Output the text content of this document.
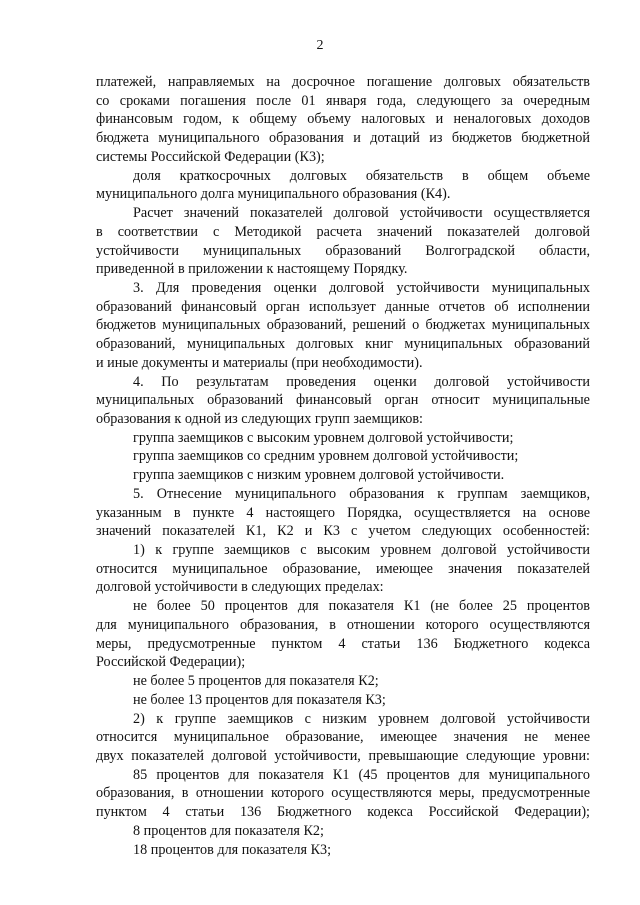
2
платежей, направляемых на досрочное погашение долговых обязательств
со сроками погашения после 01 января года, следующего за очередным
финансовым годом, к общему объему налоговых и неналоговых доходов
бюджета муниципального образования и дотаций из бюджетов бюджетной
системы Российской Федерации (К3);
доля краткосрочных долговых обязательств в общем объеме
муниципального долга муниципального образования (К4).
Расчет значений показателей долговой устойчивости осуществляется
в соответствии с Методикой расчета значений показателей долговой
устойчивости муниципальных образований Волгоградской области,
приведенной в приложении к настоящему Порядку.
3. Для проведения оценки долговой устойчивости муниципальных
образований финансовый орган использует данные отчетов об исполнении
бюджетов муниципальных образований, решений о бюджетах муниципальных
образований, муниципальных долговых книг муниципальных образований
и иные документы и материалы (при необходимости).
4. По результатам проведения оценки долговой устойчивости
муниципальных образований финансовый орган относит муниципальные
образования к одной из следующих групп заемщиков:
группа заемщиков с высоким уровнем долговой устойчивости;
группа заемщиков со средним уровнем долговой устойчивости;
группа заемщиков с низким уровнем долговой устойчивости.
5. Отнесение муниципального образования к группам заемщиков,
указанным в пункте 4 настоящего Порядка, осуществляется на основе
значений показателей К1, К2 и К3 с учетом следующих особенностей:
1) к группе заемщиков с высоким уровнем долговой устойчивости
относится муниципальное образование, имеющее значения показателей
долговой устойчивости в следующих пределах:
не более 50 процентов для показателя К1 (не более 25 процентов
для муниципального образования, в отношении которого осуществляются
меры, предусмотренные пунктом 4 статьи 136 Бюджетного кодекса
Российской Федерации);
не более 5 процентов для показателя К2;
не более 13 процентов для показателя К3;
2) к группе заемщиков с низким уровнем долговой устойчивости
относится муниципальное образование, имеющее значения не менее
двух показателей долговой устойчивости, превышающие следующие уровни:
85 процентов для показателя К1 (45 процентов для муниципального
образования, в отношении которого осуществляются меры, предусмотренные
пунктом 4 статьи 136 Бюджетного кодекса Российской Федерации);
8 процентов для показателя К2;
18 процентов для показателя К3;
